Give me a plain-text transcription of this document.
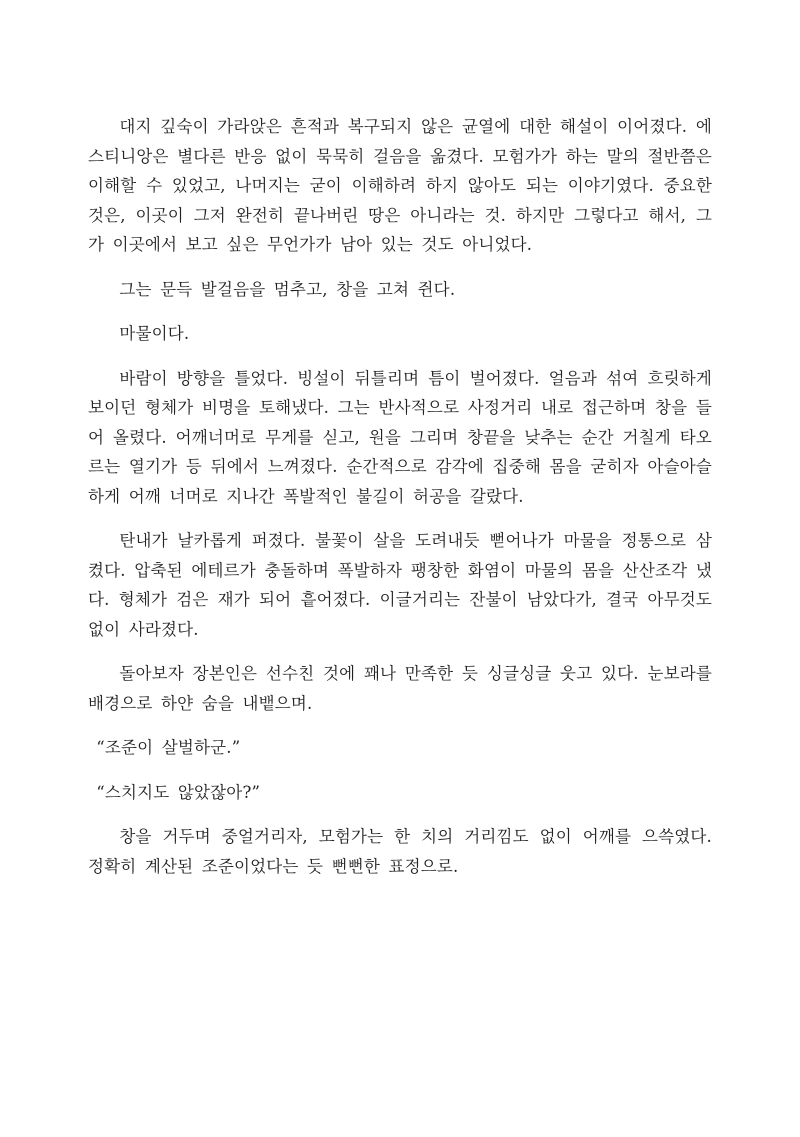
대지 깊숙이 가라앉은 흔적과 복구되지 않은 균열에 대한 해설이 이어졌다. 에스티니앙은 별다른 반응 없이 묵묵히 걸음을 옮겼다. 모험가가 하는 말의 절반쯤은 이해할 수 있었고, 나머지는 굳이 이해하려 하지 않아도 되는 이야기였다. 중요한 것은, 이곳이 그저 완전히 끝나버린 땅은 아니라는 것. 하지만 그렇다고 해서, 그가 이곳에서 보고 싶은 무언가가 남아 있는 것도 아니었다.

그는 문득 발걸음을 멈추고, 창을 고쳐 쥔다.

마물이다.

바람이 방향을 틀었다. 빙설이 뒤틀리며 틈이 벌어졌다. 얼음과 섞여 흐릿하게 보이던 형체가 비명을 토해냈다. 그는 반사적으로 사정거리 내로 접근하며 창을 들어 올렸다. 어깨너머로 무게를 싣고, 원을 그리며 창끝을 낮추는 순간 거칠게 타오르는 열기가 등 뒤에서 느껴졌다. 순간적으로 감각에 집중해 몸을 굳히자 아슬아슬하게 어깨 너머로 지나간 폭발적인 불길이 허공을 갈랐다.

탄내가 날카롭게 퍼졌다. 불꽃이 살을 도려내듯 뻗어나가 마물을 정통으로 삼켰다. 압축된 에테르가 충돌하며 폭발하자 팽창한 화염이 마물의 몸을 산산조각 냈다. 형체가 검은 재가 되어 흩어졌다. 이글거리는 잔불이 남았다가, 결국 아무것도 없이 사라졌다.

돌아보자 장본인은 선수친 것에 꽤나 만족한 듯 싱글싱글 웃고 있다. 눈보라를 배경으로 하얀 숨을 내뱉으며.

“조준이 살벌하군.”

“스치지도 않았잖아?”

창을 거두며 중얼거리자, 모험가는 한 치의 거리낌도 없이 어깨를 으쓱였다. 정확히 계산된 조준이었다는 듯 뻔뻔한 표정으로.
